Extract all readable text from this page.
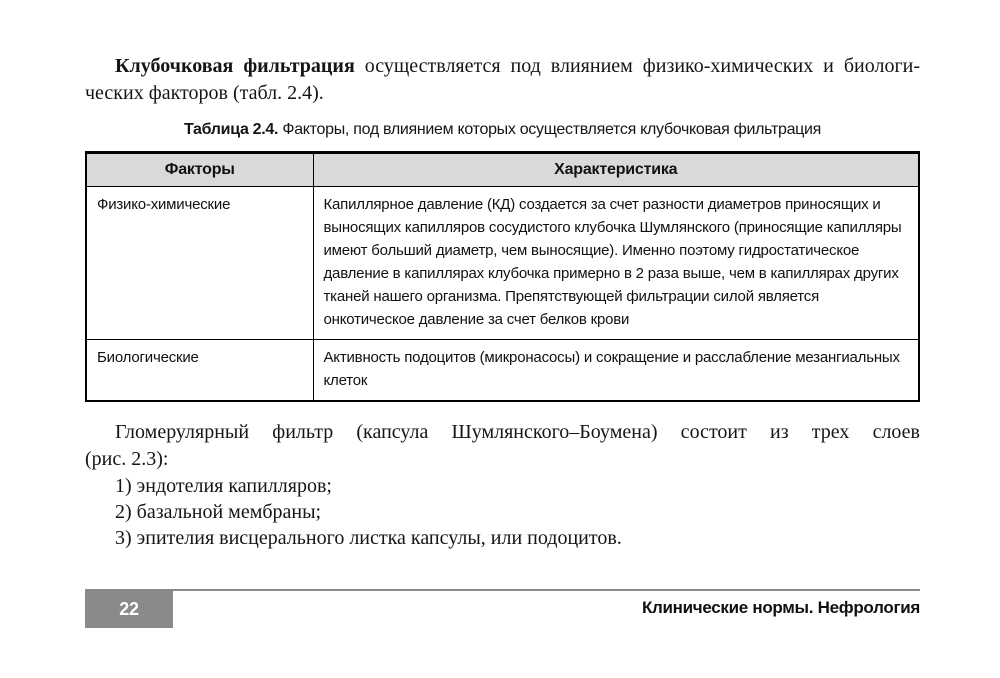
Клубочковая фильтрация осуществляется под влиянием физико-химических и биологи-
ческих факторов (табл. 2.4).
Таблица 2.4. Факторы, под влиянием которых осуществляется клубочковая фильтрация
Факторы	Характеристика
Физико-химические	Капиллярное давление (КД) создается за счет разности диаметров приносящих и выносящих капилляров сосудистого клубочка Шумлянского (приносящие капилляры имеют больший диаметр, чем выносящие). Именно поэтому гидростатическое давление в капиллярах клубочка примерно в 2 раза выше, чем в капиллярах других тканей нашего организма. Препятствующей фильтрации силой является онкотическое давление за счет белков крови
Биологические	Активность подоцитов (микронасосы) и сокращение и расслабление мезангиальных клеток
Гломерулярный фильтр (капсула Шумлянского–Боумена) состоит из трех слоев
(рис. 2.3):
1) эндотелия капилляров;
2) базальной мембраны;
3) эпителия висцерального листка капсулы, или подоцитов.
22	Клинические нормы. Нефрология
